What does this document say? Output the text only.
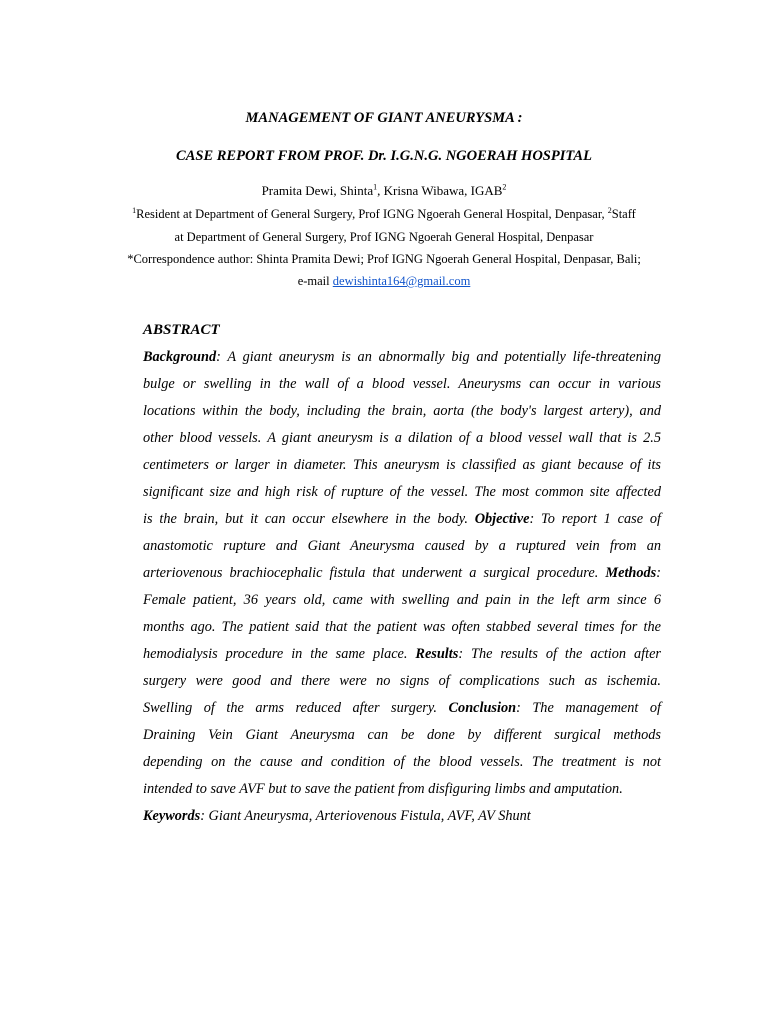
MANAGEMENT OF GIANT ANEURYSMA :
CASE REPORT FROM PROF. Dr. I.G.N.G. NGOERAH HOSPITAL
Pramita Dewi, Shinta$^1$, Krisna Wibawa, IGAB$^2$
$^1$Resident at Department of General Surgery, Prof IGNG Ngoerah General Hospital, Denpasar, $^2$Staff
at Department of General Surgery, Prof IGNG Ngoerah General Hospital, Denpasar
*Correspondence author: Shinta Pramita Dewi; Prof IGNG Ngoerah General Hospital, Denpasar, Bali;
e-mail dewishinta164@gmail.com
ABSTRACT
Background: A giant aneurysm is an abnormally big and potentially life-threatening
bulge or swelling in the wall of a blood vessel. Aneurysms can occur in various
locations within the body, including the brain, aorta (the body's largest artery), and
other blood vessels. A giant aneurysm is a dilation of a blood vessel wall that is 2.5
centimeters or larger in diameter. This aneurysm is classified as giant because of its
significant size and high risk of rupture of the vessel. The most common site affected
is the brain, but it can occur elsewhere in the body. Objective: To report 1 case of
anastomotic rupture and Giant Aneurysma caused by a ruptured vein from an
arteriovenous brachiocephalic fistula that underwent a surgical procedure. Methods:
Female patient, 36 years old, came with swelling and pain in the left arm since 6
months ago. The patient said that the patient was often stabbed several times for the
hemodialysis procedure in the same place. Results: The results of the action after
surgery were good and there were no signs of complications such as ischemia.
Swelling of the arms reduced after surgery. Conclusion: The management of
Draining Vein Giant Aneurysma can be done by different surgical methods
depending on the cause and condition of the blood vessels. The treatment is not
intended to save AVF but to save the patient from disfiguring limbs and amputation.
Keywords: Giant Aneurysma, Arteriovenous Fistula, AVF, AV Shunt
